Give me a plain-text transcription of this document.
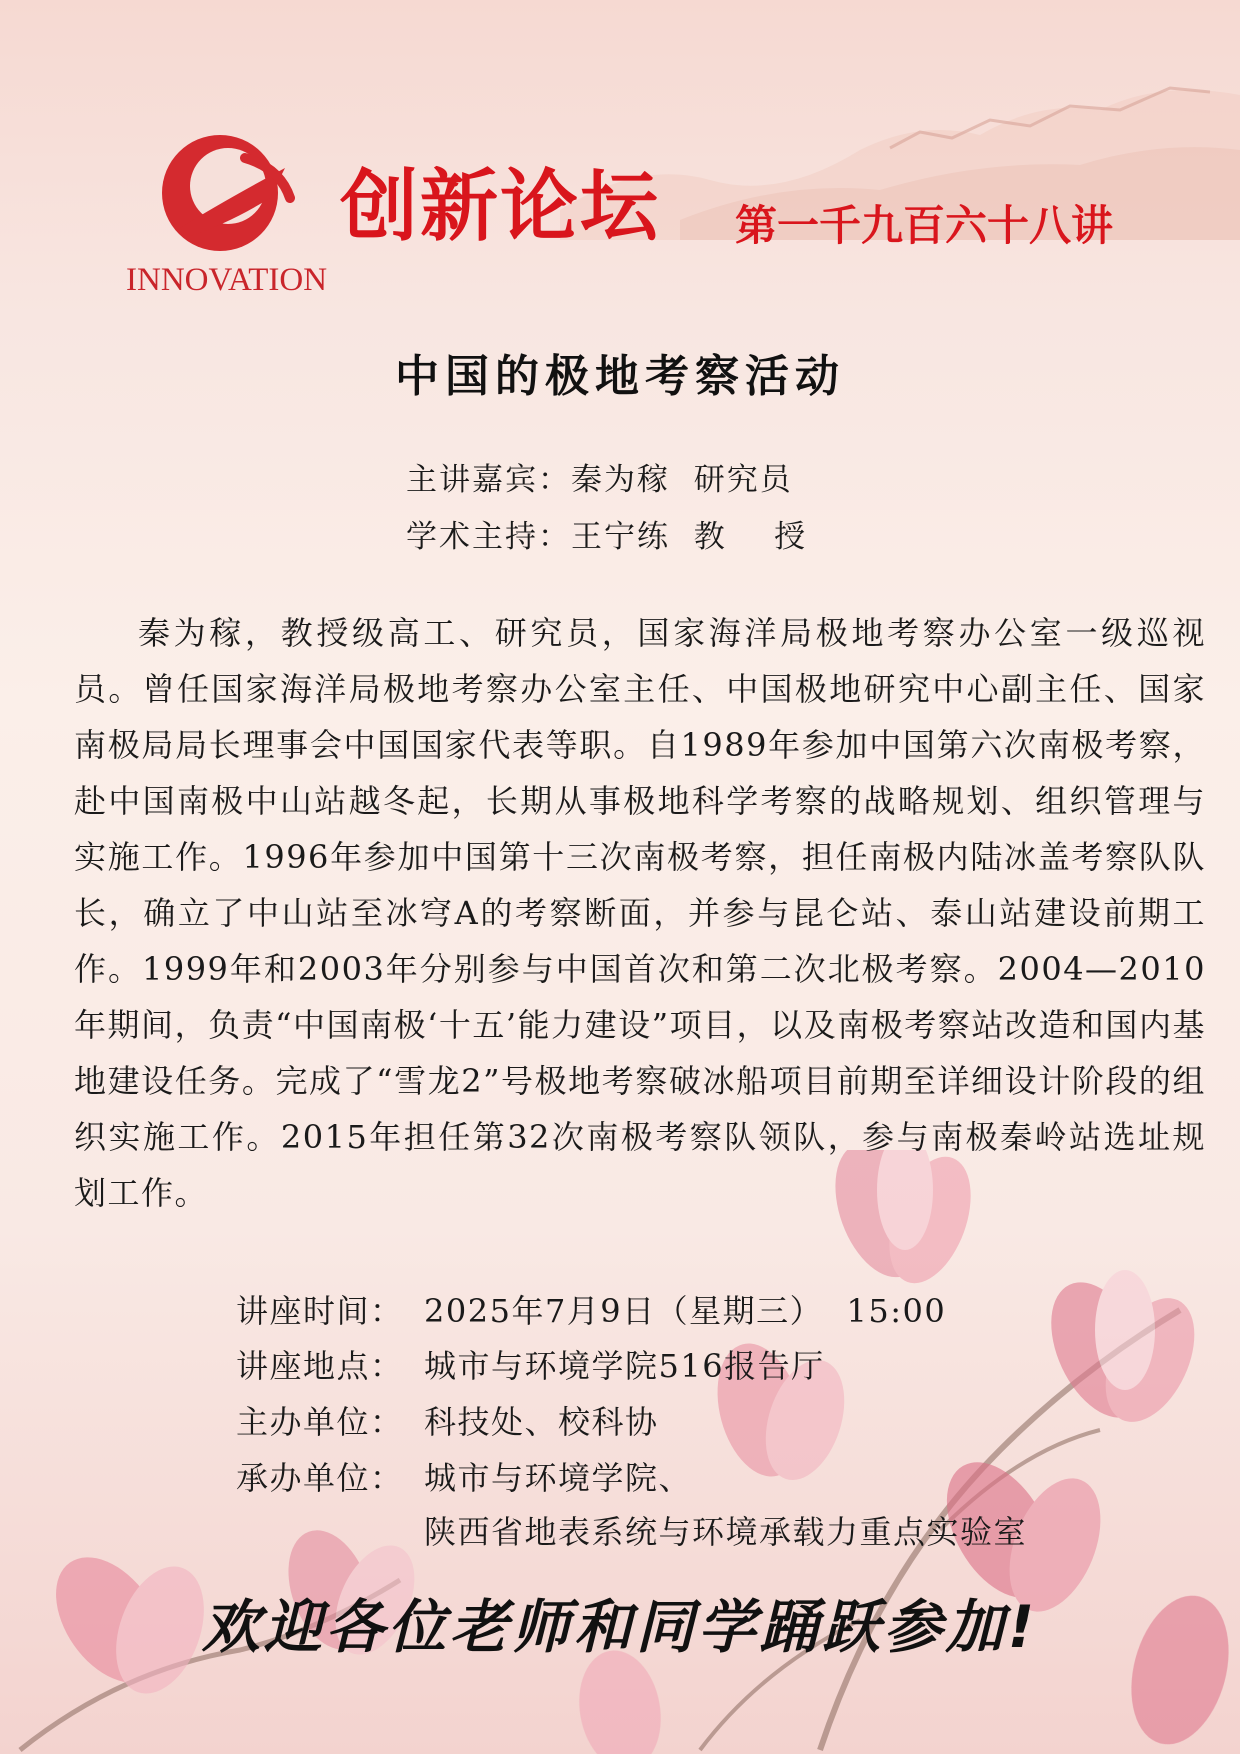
INNOVATION
创新论坛 第一千九百六十八讲
中国的极地考察活动
主讲嘉宾：秦为稼  研究员
学术主持：王宁练  教    授

秦为稼，教授级高工、研究员，国家海洋局极地考察办公室一级巡视员。曾任国家海洋局极地考察办公室主任、中国极地研究中心副主任、国家南极局局长理事会中国国家代表等职。自1989年参加中国第六次南极考察，赴中国南极中山站越冬起，长期从事极地科学考察的战略规划、组织管理与实施工作。1996年参加中国第十三次南极考察，担任南极内陆冰盖考察队队长，确立了中山站至冰穹A的考察断面，并参与昆仑站、泰山站建设前期工作。1999年和2003年分别参与中国首次和第二次北极考察。2004—2010年期间，负责“中国南极‘十五’能力建设”项目，以及南极考察站改造和国内基地建设任务。完成了“雪龙2”号极地考察破冰船项目前期至详细设计阶段的组织实施工作。2015年担任第32次南极考察队领队，参与南极秦岭站选址规划工作。

讲座时间： 2025年7月9日（星期三）  15:00
讲座地点： 城市与环境学院516报告厅
主办单位： 科技处、校科协
承办单位： 城市与环境学院、
陕西省地表系统与环境承载力重点实验室
欢迎各位老师和同学踊跃参加!
